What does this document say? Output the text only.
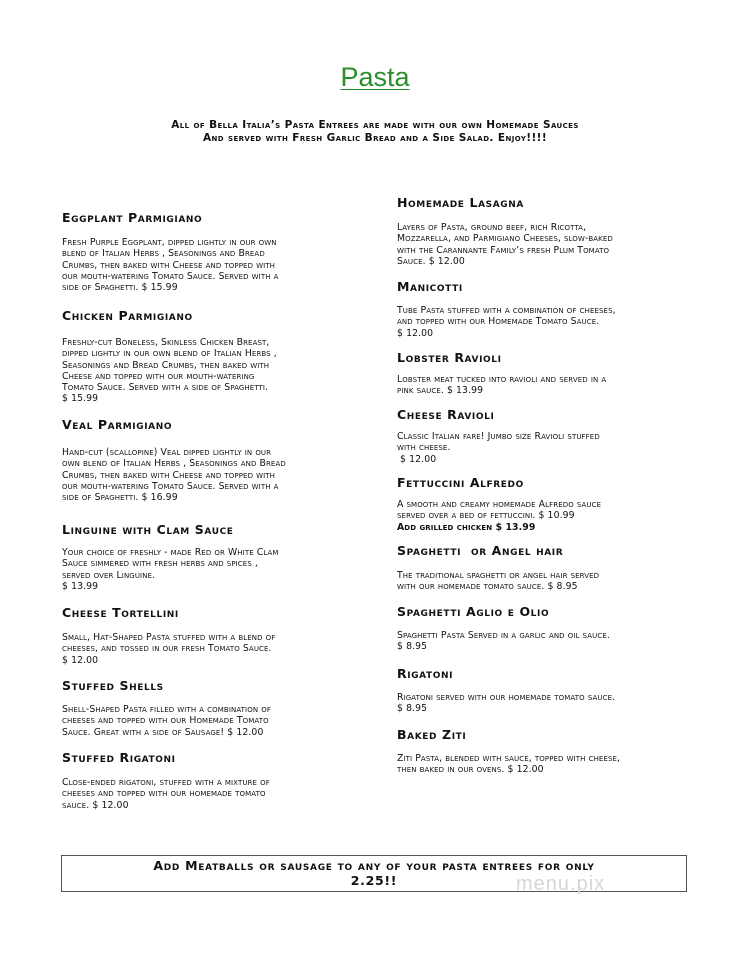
Pasta
All of Bella Italia’s Pasta Entrees are made with our own Homemade Sauces
And served with Fresh Garlic Bread and a Side Salad. Enjoy!!!!
Eggplant Parmigiano
Fresh Purple Eggplant, dipped lightly in our own
blend of Italian Herbs , Seasonings and Bread
Crumbs, then baked with Cheese and topped with
our mouth-watering Tomato Sauce. Served with a
side of Spaghetti. $ 15.99
Chicken Parmigiano
Freshly-cut Boneless, Skinless Chicken Breast,
dipped lightly in our own blend of Italian Herbs ,
Seasonings and Bread Crumbs, then baked with
Cheese and topped with our mouth-watering
Tomato Sauce. Served with a side of Spaghetti.
$ 15.99
Veal Parmigiano
Hand-cut (scallopine) Veal dipped lightly in our
own blend of Italian Herbs , Seasonings and Bread
Crumbs, then baked with Cheese and topped with
our mouth-watering Tomato Sauce. Served with a
side of Spaghetti. $ 16.99
Linguine with Clam Sauce
Your choice of freshly - made Red or White Clam
Sauce simmered with fresh herbs and spices ,
served over Linguine.
$ 13.99
Cheese Tortellini
Small, Hat-Shaped Pasta stuffed with a blend of
cheeses, and tossed in our fresh Tomato Sauce.
$ 12.00
Stuffed Shells
Shell-Shaped Pasta filled with a combination of
cheeses and topped with our Homemade Tomato
Sauce. Great with a side of Sausage! $ 12.00
Stuffed Rigatoni
Close-ended rigatoni, stuffed with a mixture of
cheeses and topped with our homemade tomato
sauce. $ 12.00
Homemade Lasagna
Layers of Pasta, ground beef, rich Ricotta,
Mozzarella, and Parmigiano Cheeses, slow-baked
with the Carannante Family’s fresh Plum Tomato
Sauce. $ 12.00
Manicotti
Tube Pasta stuffed with a combination of cheeses,
and topped with our Homemade Tomato Sauce.
$ 12.00
Lobster Ravioli
Lobster meat tucked into ravioli and served in a
pink sauce. $ 13.99
Cheese Ravioli
Classic Italian fare! Jumbo size Ravioli stuffed
with cheese.
$ 12.00
Fettuccini Alfredo
A smooth and creamy homemade Alfredo sauce
served over a bed of fettuccini. $ 10.99
Add grilled chicken $ 13.99
Spaghetti  or Angel hair
The traditional spaghetti or angel hair served
with our homemade tomato sauce. $ 8.95
Spaghetti Aglio e Olio
Spaghetti Pasta Served in a garlic and oil sauce.
$ 8.95
Rigatoni
Rigatoni served with our homemade tomato sauce.
$ 8.95
Baked Ziti
Ziti Pasta, blended with sauce, topped with cheese,
then baked in our ovens. $ 12.00
Add Meatballs or sausage to any of your pasta entrees for only
2.25!!	menu.pix
